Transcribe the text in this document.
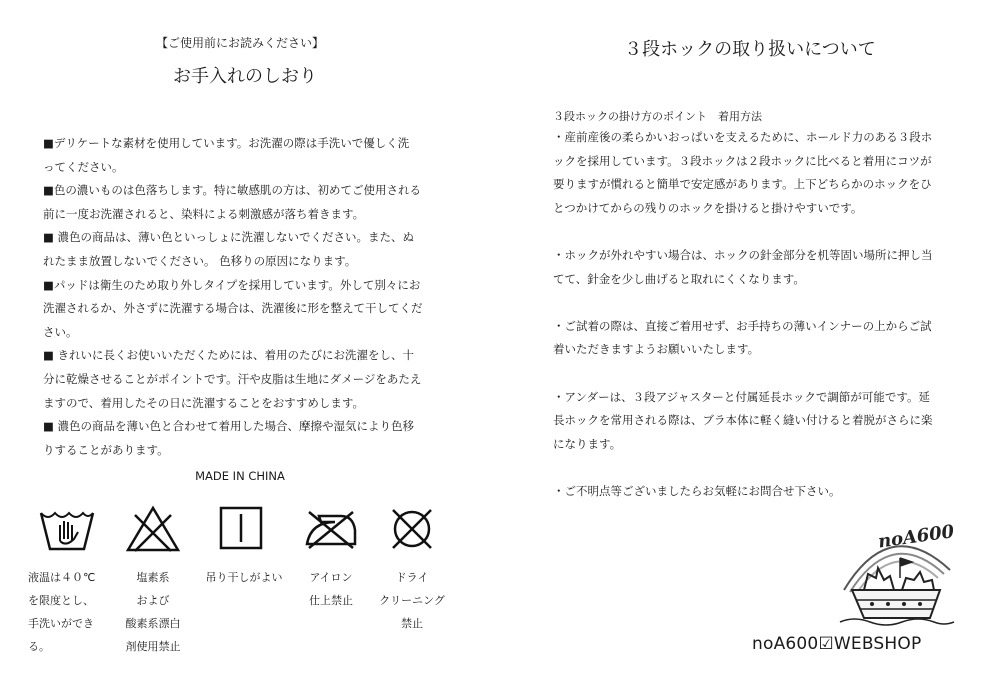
【ご使用前にお読みください】
お手入れのしおり

■デリケートな素材を使用しています。お洗濯の際は手洗いで優しく洗

ってください。

■色の濃いものは色落ちします。特に敏感肌の方は、初めてご使用される

前に一度お洗濯されると、染料による刺激感が落ち着きます。

■ 濃色の商品は、薄い色といっしょに洗濯しないでください。また、ぬ

れたまま放置しないでください。 色移りの原因になります。

■パッドは衛生のため取り外しタイプを採用しています。外して別々にお

洗濯されるか、外さずに洗濯する場合は、洗濯後に形を整えて干してくだ

さい。

■ きれいに長くお使いいただくためには、着用のたびにお洗濯をし、十

分に乾燥させることがポイントです。汗や皮脂は生地にダメージをあたえ

ますので、着用したその日に洗濯することをおすすめします。

■ 濃色の商品を薄い色と合わせて着用した場合、摩擦や湿気により色移

りすることがあります。

MADE IN CHINA
液温は４０℃
を限度とし、
手洗いができ
る。
塩素系
および
酸素系漂白
剤使用禁止
吊り干しがよい	アイロン
仕上禁止
ドライ
クリーニング
禁止
３段ホックの取り扱いについて
３段ホックの掛け方のポイント　着用方法

・産前産後の柔らかいおっぱいを支えるために、ホールド力のある３段ホ

ックを採用しています。３段ホックは２段ホックに比べると着用にコツが

要りますが慣れると簡単で安定感があります。上下どちらかのホックをひ

とつかけてからの残りのホックを掛けると掛けやすいです。

・ホックが外れやすい場合は、ホックの針金部分を机等固い場所に押し当

てて、針金を少し曲げると取れにくくなります。

・ご試着の際は、直接ご着用せず、お手持ちの薄いインナーの上からご試

着いただきますようお願いいたします。

・アンダーは、３段アジャスターと付属延長ホックで調節が可能です。延

長ホックを常用される際は、ブラ本体に軽く縫い付けると着脱がさらに楽

になります。

・ご不明点等ございましたらお気軽にお問合せ下さい。

noA600
noA600☑WEBSHOP
